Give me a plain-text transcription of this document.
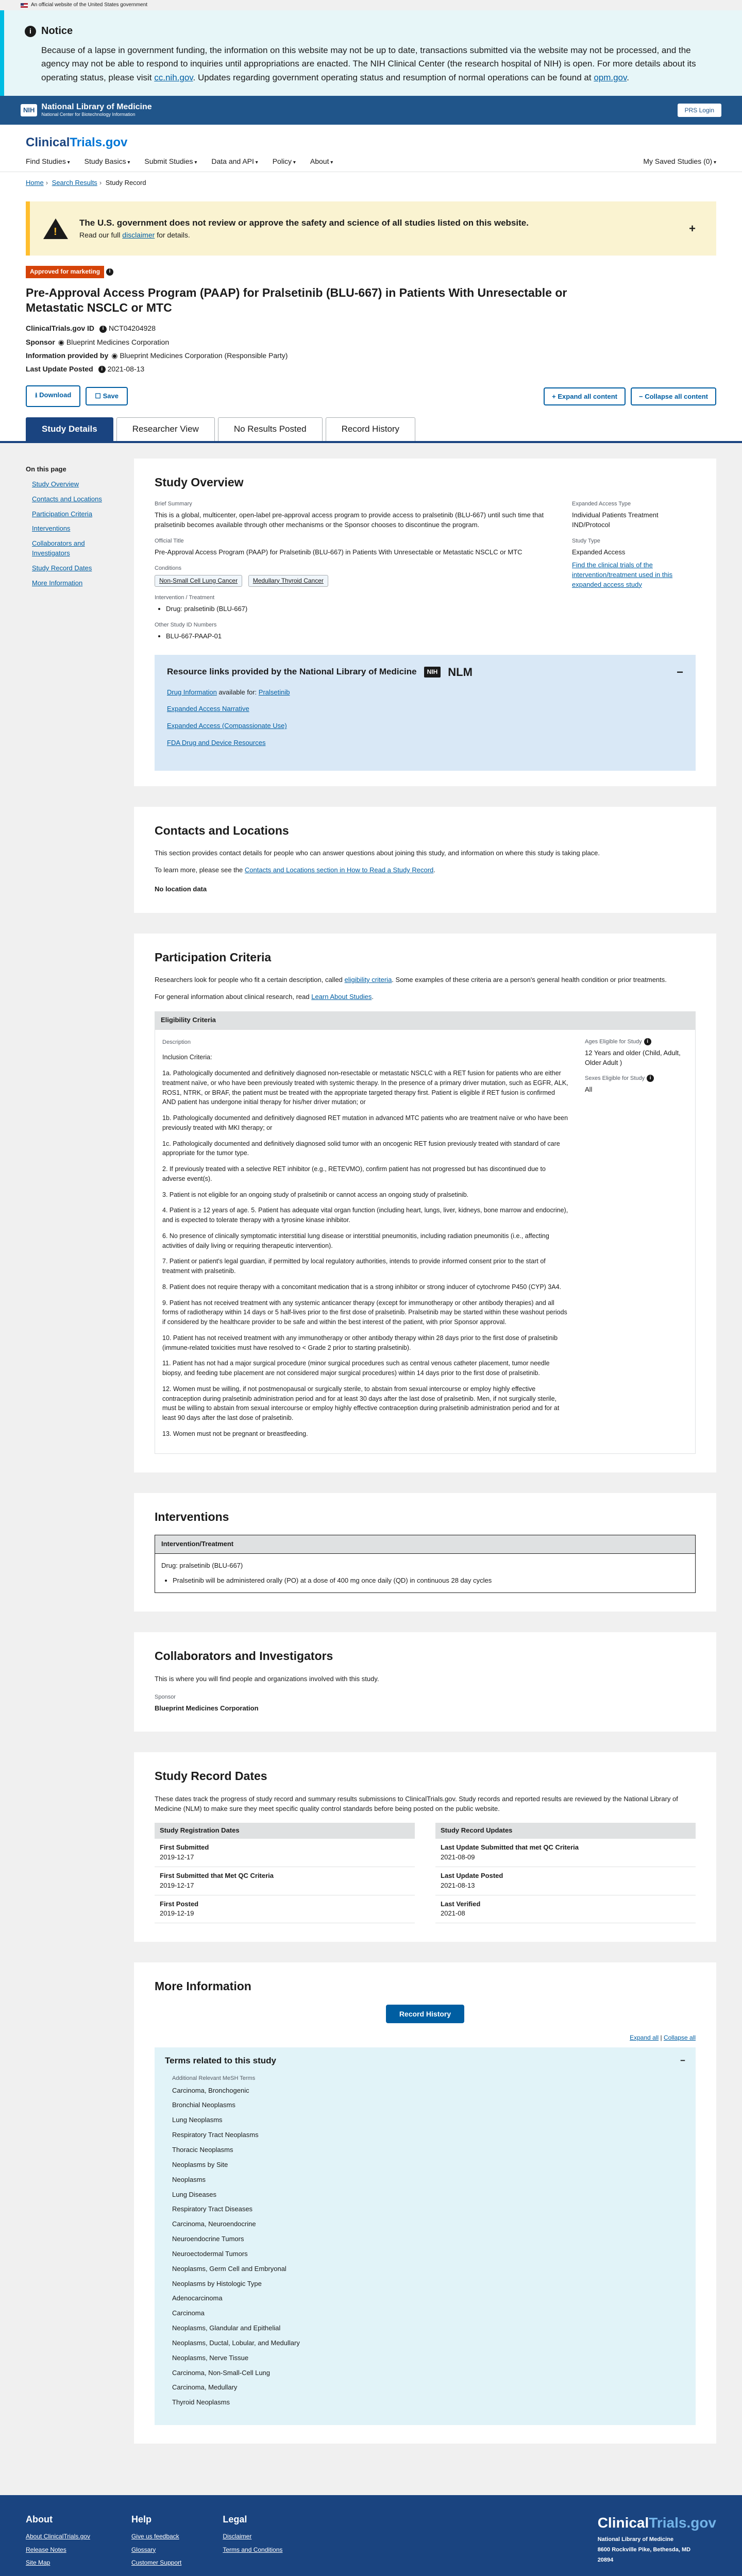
An official website of the United States government
i Notice

Because of a lapse in government funding, the information on this website may not be up to date, transactions submitted via the website may not be processed, and the agency may not be able to respond to inquiries until appropriations are enacted. The NIH Clinical Center (the research hospital of NIH) is open. For more details about its operating status, please visit cc.nih.gov. Updates regarding government operating status and resumption of normal operations can be found at opm.gov.

NIH National Library of Medicine
National Center for Biotechnology Information
PRS Login
ClinicalTrials.gov
Find Studies ▾	Study Basics ▾	Submit Studies ▾	Data and API ▾	Policy ▾	About ▾	My Saved Studies (0) ▾
Home › Search Results › Study Record
!
The U.S. government does not review or approve the safety and science of all studies listed on this website.
Read our full disclaimer for details.
+
Approved for marketing i
Pre-Approval Access Program (PAAP) for Pralsetinib (BLU-667) in Patients With Unresectable or Metastatic NSCLC or MTC
ClinicalTrials.gov ID i NCT04204928
Sponsor ◉ Blueprint Medicines Corporation
Information provided by ◉ Blueprint Medicines Corporation (Responsible Party)
Last Update Posted i 2021-08-13
⭳ Download	☐ Save	+ Expand all content	− Collapse all content
Study Details	Researcher View	No Results Posted	Record History
On this page
Study Overview
Contacts and Locations
Participation Criteria
Interventions
Collaborators and Investigators
Study Record Dates
More Information
Study Overview
Brief Summary
This is a global, multicenter, open-label pre-approval access program to provide access to pralsetinib (BLU-667) until such time that pralsetinib becomes available through other mechanisms or the Sponsor chooses to discontinue the program.
Official Title
Pre-Approval Access Program (PAAP) for Pralsetinib (BLU-667) in Patients With Unresectable or Metastatic NSCLC or MTC
Conditions
Non-Small Cell Lung Cancer Medullary Thyroid Cancer
Intervention / Treatment
• Drug: pralsetinib (BLU-667)
Other Study ID Numbers
• BLU-667-PAAP-01
Expanded Access Type
Individual Patients Treatment IND/Protocol
Study Type
Expanded Access
Find the clinical trials of the intervention/treatment used in this expanded access study
Resource links provided by the National Library of Medicine	NIH NLM	−
Drug Information available for: Pralsetinib
Expanded Access Narrative
Expanded Access (Compassionate Use)
FDA Drug and Device Resources
Contacts and Locations

This section provides contact details for people who can answer questions about joining this study, and information on where this study is taking place.

To learn more, please see the Contacts and Locations section in How to Read a Study Record.

No location data

Participation Criteria

Researchers look for people who fit a certain description, called eligibility criteria. Some examples of these criteria are a person's general health condition or prior treatments.

For general information about clinical research, read Learn About Studies.

Eligibility Criteria

Description

Inclusion Criteria:

1a. Pathologically documented and definitively diagnosed non-resectable or metastatic NSCLC with a RET fusion for patients who are either treatment naïve, or who have been previously treated with systemic therapy. In the presence of a primary driver mutation, such as EGFR, ALK, ROS1, NTRK, or BRAF, the patient must be treated with the appropriate targeted therapy first. Patient is eligible if RET fusion is confirmed AND patient has undergone initial therapy for his/her driver mutation; or

1b. Pathologically documented and definitively diagnosed RET mutation in advanced MTC patients who are treatment naïve or who have been previously treated with MKI therapy; or

1c. Pathologically documented and definitively diagnosed solid tumor with an oncogenic RET fusion previously treated with standard of care appropriate for the tumor type.

2. If previously treated with a selective RET inhibitor (e.g., RETEVMO), confirm patient has not progressed but has discontinued due to adverse event(s).

3. Patient is not eligible for an ongoing study of pralsetinib or cannot access an ongoing study of pralsetinib.

4. Patient is ≥ 12 years of age. 5. Patient has adequate vital organ function (including heart, lungs, liver, kidneys, bone marrow and endocrine), and is expected to tolerate therapy with a tyrosine kinase inhibitor.

6. No presence of clinically symptomatic interstitial lung disease or interstitial pneumonitis, including radiation pneumonitis (i.e., affecting activities of daily living or requiring therapeutic intervention).

7. Patient or patient's legal guardian, if permitted by local regulatory authorities, intends to provide informed consent prior to the start of treatment with pralsetinib.

8. Patient does not require therapy with a concomitant medication that is a strong inhibitor or strong inducer of cytochrome P450 (CYP) 3A4.

9. Patient has not received treatment with any systemic anticancer therapy (except for immunotherapy or other antibody therapies) and all forms of radiotherapy within 14 days or 5 half-lives prior to the first dose of pralsetinib. Pralsetinib may be started within these washout periods if considered by the healthcare provider to be safe and within the best interest of the patient, with prior Sponsor approval.

10. Patient has not received treatment with any immunotherapy or other antibody therapy within 28 days prior to the first dose of pralsetinib (immune-related toxicities must have resolved to < Grade 2 prior to starting pralsetinib).

11. Patient has not had a major surgical procedure (minor surgical procedures such as central venous catheter placement, tumor needle biopsy, and feeding tube placement are not considered major surgical procedures) within 14 days prior to the first dose of pralsetinib.

12. Women must be willing, if not postmenopausal or surgically sterile, to abstain from sexual intercourse or employ highly effective contraception during pralsetinib administration period and for at least 30 days after the last dose of pralsetinib. Men, if not surgically sterile, must be willing to abstain from sexual intercourse or employ highly effective contraception during pralsetinib administration period and for at least 90 days after the last dose of pralsetinib.

13. Women must not be pregnant or breastfeeding.

Ages Eligible for Study i
12 Years and older (Child, Adult, Older Adult )
Sexes Eligible for Study i
All
Interventions
Intervention/Treatment
Drug: pralsetinib (BLU-667)
• Pralsetinib will be administered orally (PO) at a dose of 400 mg once daily (QD) in continuous 28 day cycles
Collaborators and Investigators

This is where you will find people and organizations involved with this study.

Sponsor
Blueprint Medicines Corporation
Study Record Dates

These dates track the progress of study record and summary results submissions to ClinicalTrials.gov. Study records and reported results are reviewed by the National Library of Medicine (NLM) to make sure they meet specific quality control standards before being posted on the public website.

Study Registration Dates
First Submitted
2019-12-17
First Submitted that Met QC Criteria
2019-12-17
First Posted
2019-12-19
Study Record Updates
Last Update Submitted that met QC Criteria
2021-08-09
Last Update Posted
2021-08-13
Last Verified
2021-08
More Information
Record History
Expand all | Collapse all
Terms related to this study	−
Additional Relevant MeSH Terms
Carcinoma, Bronchogenic
Bronchial Neoplasms
Lung Neoplasms
Respiratory Tract Neoplasms
Thoracic Neoplasms
Neoplasms by Site
Neoplasms
Lung Diseases
Respiratory Tract Diseases
Carcinoma, Neuroendocrine
Neuroendocrine Tumors
Neuroectodermal Tumors
Neoplasms, Germ Cell and Embryonal
Neoplasms by Histologic Type
Adenocarcinoma
Carcinoma
Neoplasms, Glandular and Epithelial
Neoplasms, Ductal, Lobular, and Medullary
Neoplasms, Nerve Tissue
Carcinoma, Non-Small-Cell Lung
Carcinoma, Medullary
Thyroid Neoplasms
About
About ClinicalTrials.gov
Release Notes
Site Map
Help
Give us feedback
Glossary
Customer Support
Legal
Disclaimer
Terms and Conditions
ClinicalTrials.gov
National Library of Medicine
8600 Rockville Pike, Bethesda, MD
20894
